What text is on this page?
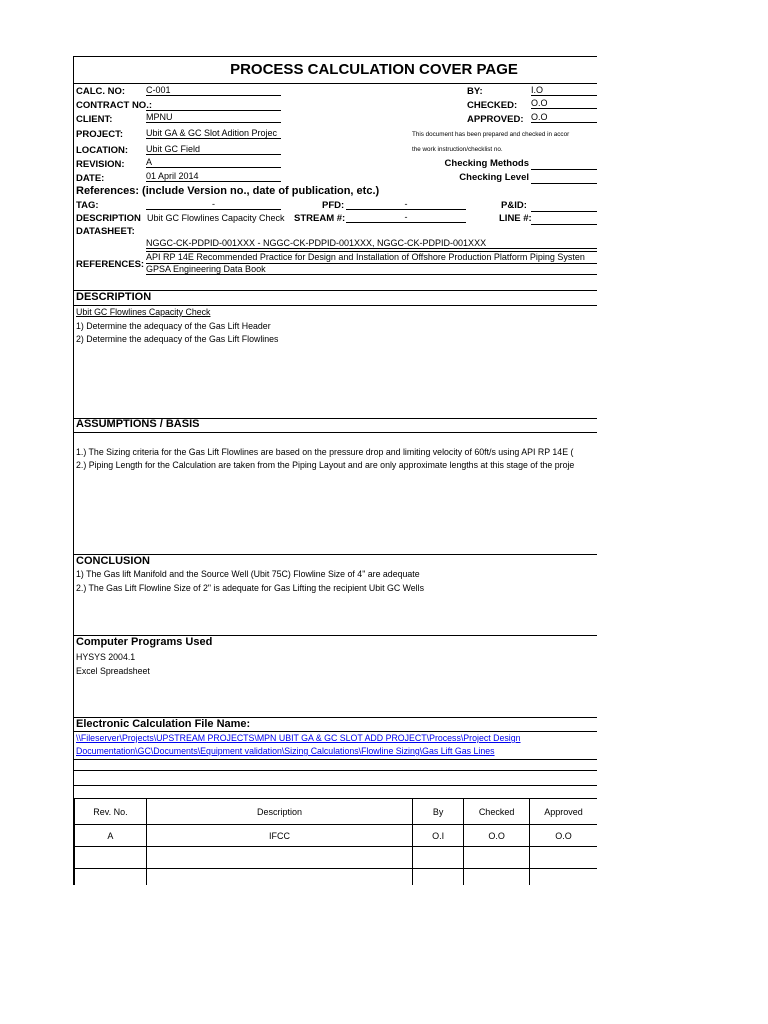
PROCESS CALCULATION COVER PAGE
CALC. NO: C-001
CONTRACT NO.:
CLIENT:	MPNU
PROJECT:	Ubit GA & GC Slot Adition Projec
LOCATION: Ubit GC Field
REVISION: A
DATE:	01 April 2014
BY:	I.O
CHECKED: O.O
APPROVED: O.O
This document has been prepared and checked in accor
the work instruction/checklist no.
Checking Methods
Checking Level
References: (include Version no., date of publication, etc.)
TAG:	-	PFD:	-	P&ID:
DESCRIPTION Ubit GC Flowlines Capacity Check STREAM #:	-	LINE #:
DATASHEET:
NGGC-CK-PDPID-001XXX - NGGC-CK-PDPID-001XXX, NGGC-CK-PDPID-001XXX
REFERENCES:
API RP 14E Recommended Practice for Design and Installation of Offshore Production Platform Piping Systen
GPSA Engineering Data Book
DESCRIPTION
Ubit GC Flowlines Capacity Check
1) Determine the adequacy of the Gas Lift Header
2) Determine the adequacy of the Gas Lift Flowlines
ASSUMPTIONS / BASIS
1.) The Sizing criteria for the Gas Lift Flowlines are based on the pressure drop and limiting velocity of 60ft/s using API RP 14E (
2.) Piping Length for the Calculation are taken from the Piping Layout and are only approximate lengths at this stage of the proje
CONCLUSION
1) The Gas lift Manifold and the Source Well (Ubit 75C) Flowline Size of 4" are adequate
2.) The Gas Lift Flowline Size of 2" is adequate for Gas Lifting the recipient Ubit GC Wells
Computer Programs Used
HYSYS 2004.1
Excel Spreadsheet
Electronic Calculation File Name:
\\Fileserver\Projects\UPSTREAM PROJECTS\MPN UBIT GA & GC SLOT ADD PROJECT\Process\Project Design
Documentation\GC\Documents\Equipment validation\Sizing Calculations\Flowline Sizing\Gas Lift Gas Lines
Rev. No.	Description	By	Checked	Approved
A	IFCC	O.I	O.O	O.O
